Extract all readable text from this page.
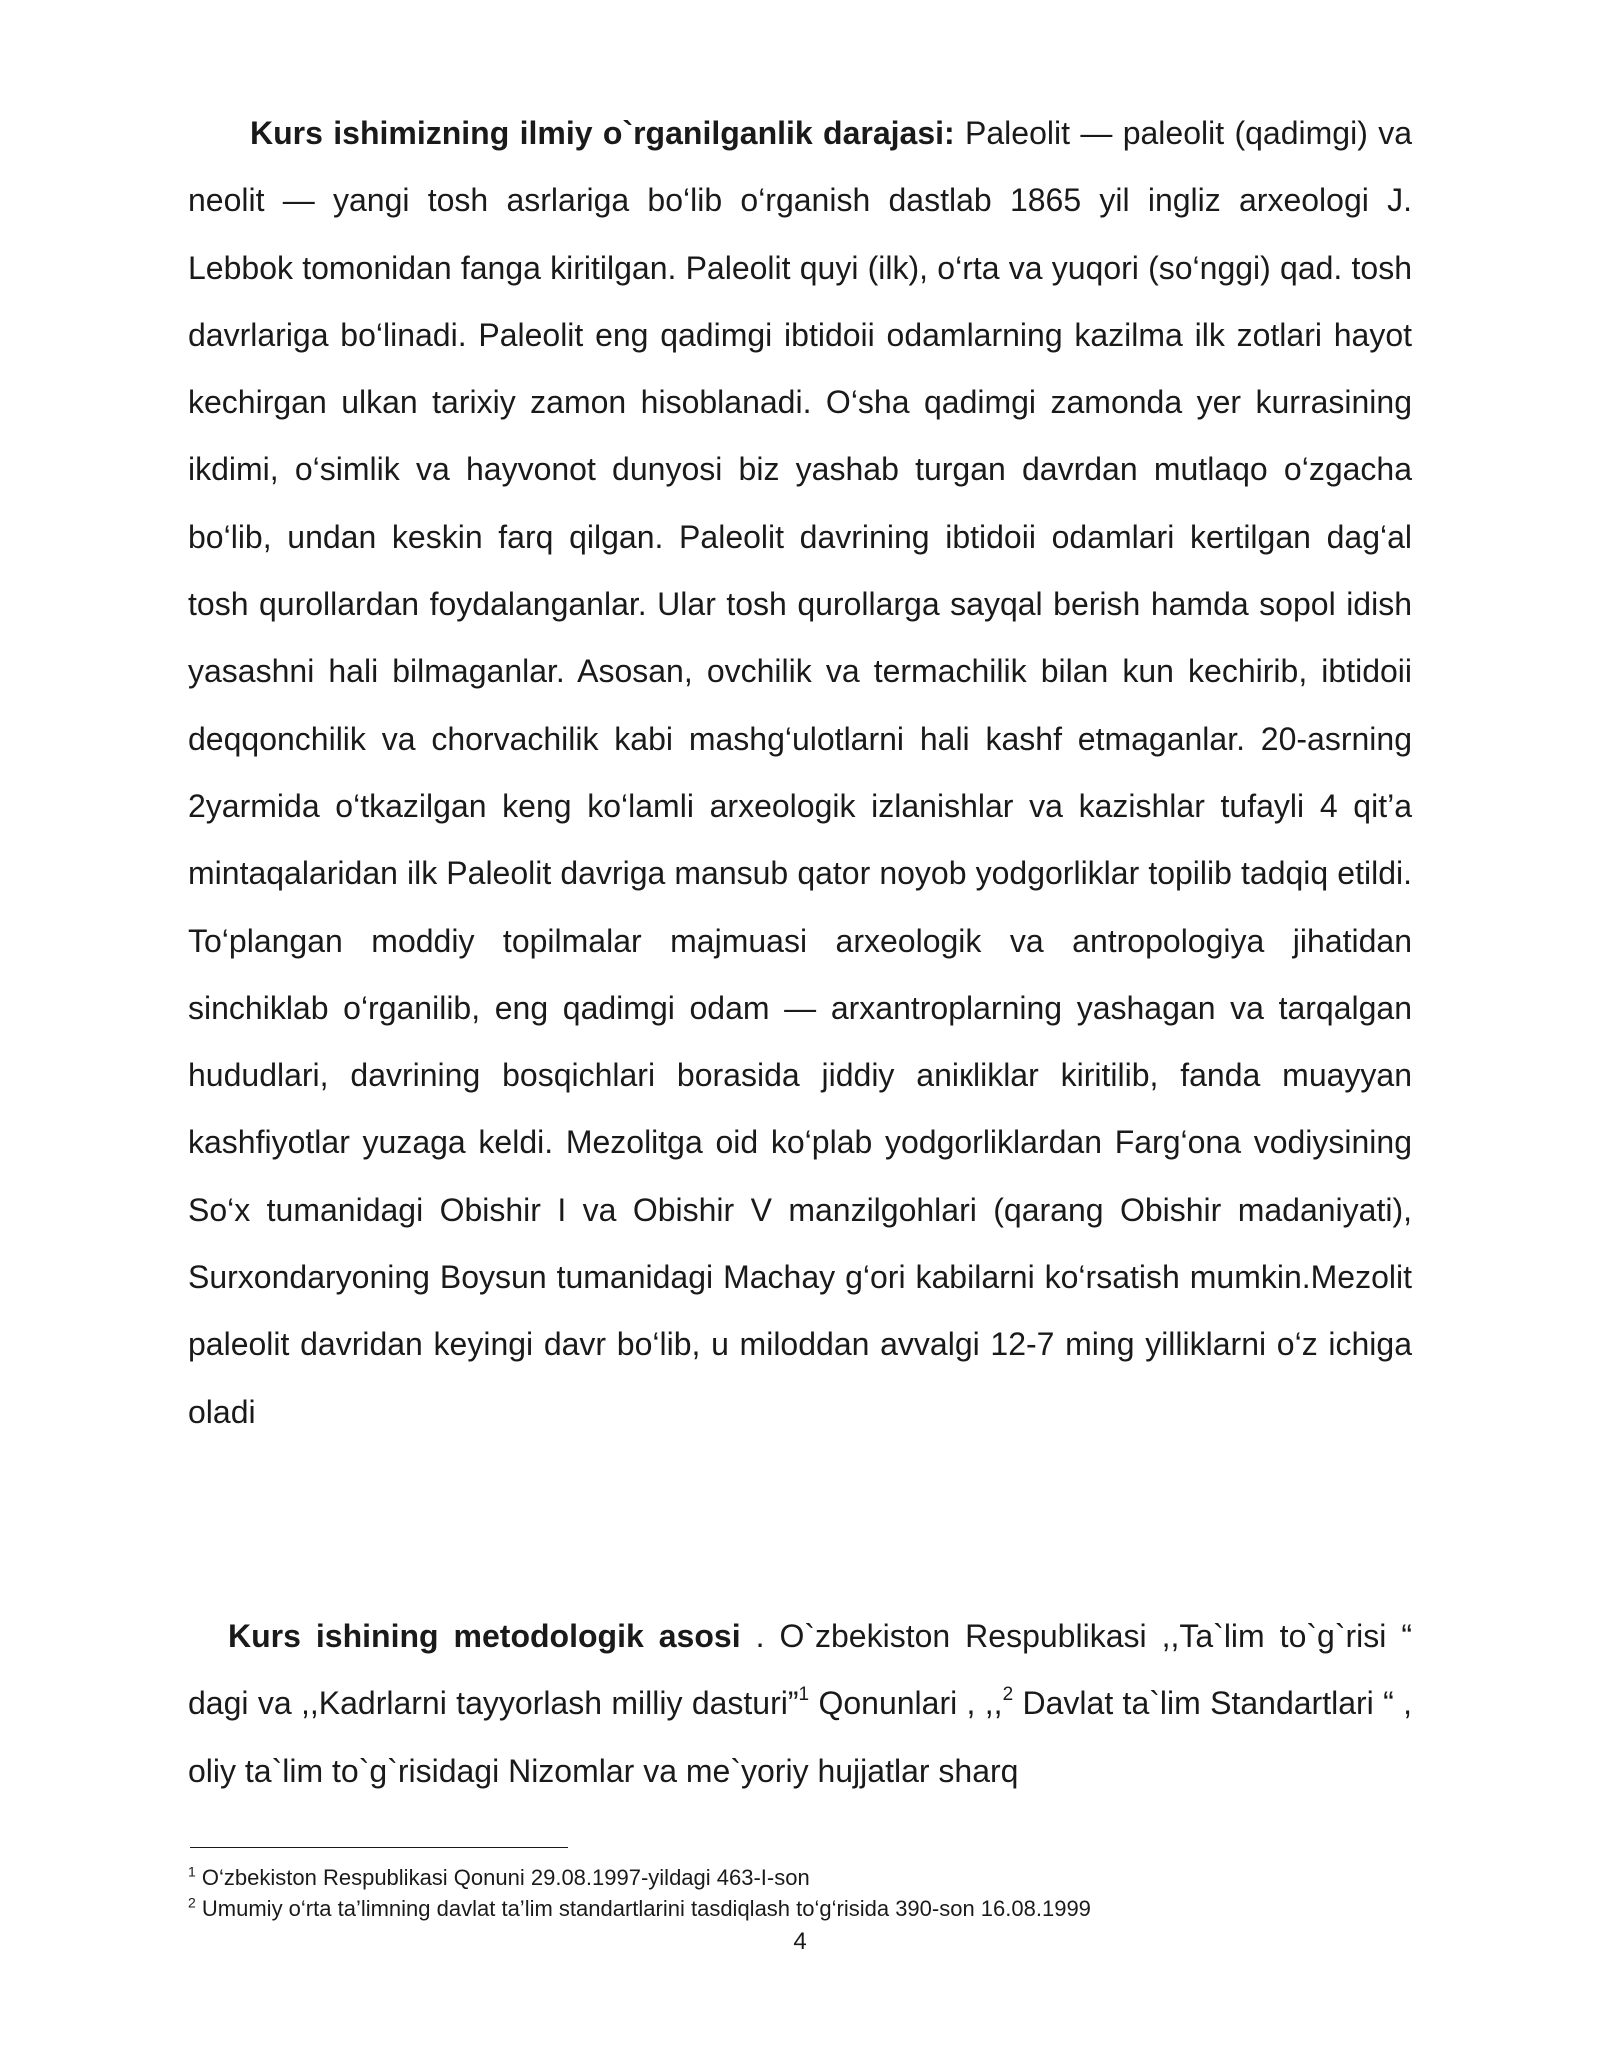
Kurs ishimizning ilmiy o`rganilganlik darajasi: Paleolit — paleolit (qadimgi) va neolit — yangi tosh asrlariga bo‘lib o‘rganish dastlab 1865 yil ingliz arxeologi J. Lebbok tomonidan fanga kiritilgan. Paleolit quyi (ilk), o‘rta va yuqori (so‘nggi) qad. tosh davrlariga bo‘linadi. Paleolit eng qadimgi ibtidoii odamlarning kazilma ilk zotlari hayot kechirgan ulkan tarixiy zamon hisoblanadi. O‘sha qadimgi zamonda yer kurrasining ikdimi, o‘simlik va hayvonot dunyosi biz yashab turgan davrdan mutlaqo o‘zgacha bo‘lib, undan keskin farq qilgan. Paleolit davrining ibtidoii odamlari kertilgan dag‘al tosh qurollardan foydalanganlar. Ular tosh qurollarga sayqal berish hamda sopol idish yasashni hali bilmaganlar. Asosan, ovchilik va termachilik bilan kun kechirib, ibtidoii deqqonchilik va chorvachilik kabi mashg‘ulotlarni hali kashf etmaganlar. 20-asrning 2yarmida o‘tkazilgan keng ko‘lamli arxeologik izlanishlar va kazishlar tufayli 4 qit’a mintaqalaridan ilk Paleolit davriga mansub qator noyob yodgorliklar topilib tadqiq etildi. To‘plangan moddiy topilmalar majmuasi arxeologik va antropologiya jihatidan sinchiklab o‘rganilib, eng qadimgi odam — arxantroplarning yashagan va tarqalgan hududlari, davrining bosqichlari borasida jiddiy aniкliklar kiritilib, fanda muayyan kashfiyotlar yuzaga keldi. Mezolitga oid ko‘plab yodgorliklardan Farg‘ona vodiysining So‘x tumanidagi Obishir I va Obishir V manzilgohlari (qarang Obishir madaniyati), Surxondaryoning Boysun tumanidagi Machay g‘ori kabilarni ko‘rsatish mumkin.Mezolit paleolit davridan keyingi davr bo‘lib, u miloddan avvalgi 12-7 ming yilliklarni o‘z ichiga oladi

Kurs ishining metodologik asosi . O`zbekiston Respublikasi ,,Ta`lim to`g`risi “ dagi va ,,Kadrlarni tayyorlash milliy dasturi”$^1$ Qonunlari , ,,$^2$ Davlat ta`lim Standartlari “ , oliy ta`lim to`g`risidagi Nizomlar va me`yoriy hujjatlar sharq

$^1$ O‘zbekiston Respublikasi Qonuni 29.08.1997-yildagi 463-I-son
$^2$ Umumiy o‘rta ta’limning davlat ta’lim standartlarini tasdiqlash to‘g‘risida 390-son 16.08.1999
4
